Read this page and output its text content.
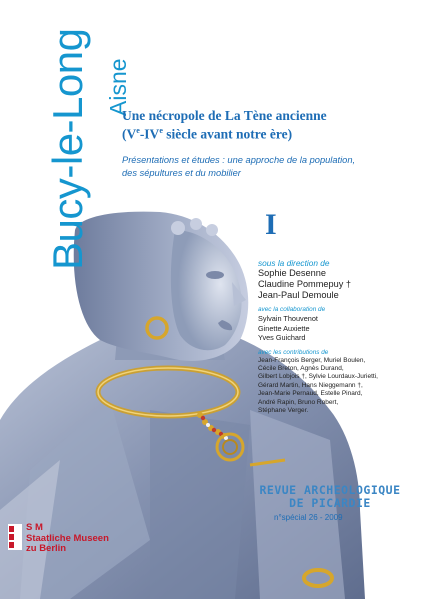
Bucy-le-Long Aisne
Une nécropole de La Tène ancienne
(Ve-IVe siècle avant notre ère)
Présentations et études : une approche de la population,
des sépultures et du mobilier
I
sous la direction de
Sophie Desenne
Claudine Pommepuy †
Jean-Paul Demoule
avec la collaboration de
Sylvain Thouvenot
Ginette Auxiette
Yves Guichard
avec les contributions de
Jean-François Berger, Muriel Boulen,
Cécile Breton, Agnès Durand,
Gilbert Lobjois †, Sylvie Lourdaux-Jurietti,
Gérard Martin, Hans Nieggemann †,
Jean-Marie Pernaud, Estelle Pinard,
André Rapin, Bruno Robert,
Stéphane Verger.
REVUE ARCHEOLOGIQUE
DE PICARDIE
n°spécial 26 - 2009
S M
Staatliche Museen
zu Berlin
